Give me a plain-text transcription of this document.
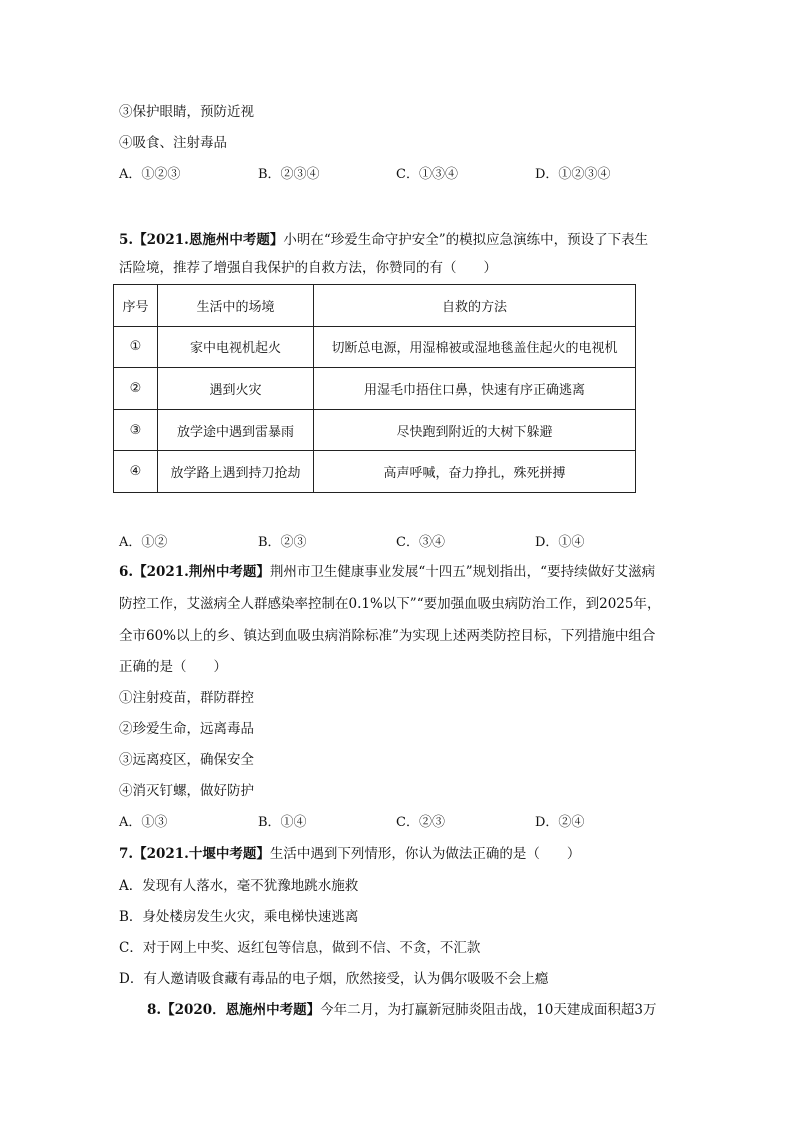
③保护眼睛，预防近视
④吸食、注射毒品
A．①②③	B．②③④	C．①③④	D．①②③④
5.【2021.恩施州中考题】小明在“珍爱生命守护安全”的模拟应急演练中，预设了下表生
活险境，推荐了增强自我保护的自救方法，你赞同的有（　　）
序号	生活中的场境	自救的方法
①	家中电视机起火	切断总电源，用湿棉被或湿地毯盖住起火的电视机
②	遇到火灾	用湿毛巾捂住口鼻，快速有序正确逃离
③	放学途中遇到雷暴雨	尽快跑到附近的大树下躲避
④	放学路上遇到持刀抢劫	高声呼喊，奋力挣扎，殊死拼搏
A．①②	B．②③	C．③④	D．①④
6.【2021.荆州中考题】荆州市卫生健康事业发展“十四五”规划指出，“要持续做好艾滋病
防控工作，艾滋病全人群感染率控制在0.1%以下”“要加强血吸虫病防治工作，到2025年，
全市60%以上的乡、镇达到血吸虫病消除标准”为实现上述两类防控目标，下列措施中组合
正确的是（　　）
①注射疫苗，群防群控
②珍爱生命，远离毒品
③远离疫区，确保安全
④消灭钉螺，做好防护
A．①③	B．①④	C．②③	D．②④
7.【2021.十堰中考题】生活中遇到下列情形，你认为做法正确的是（　　）
A．发现有人落水，毫不犹豫地跳水施救
B．身处楼房发生火灾，乘电梯快速逃离
C．对于网上中奖、返红包等信息，做到不信、不贪，不汇款
D．有人邀请吸食藏有毒品的电子烟，欣然接受，认为偶尔吸吸不会上瘾
8.【2020．恩施州中考题】今年二月，为打赢新冠肺炎阻击战，10天建成面积超3万
